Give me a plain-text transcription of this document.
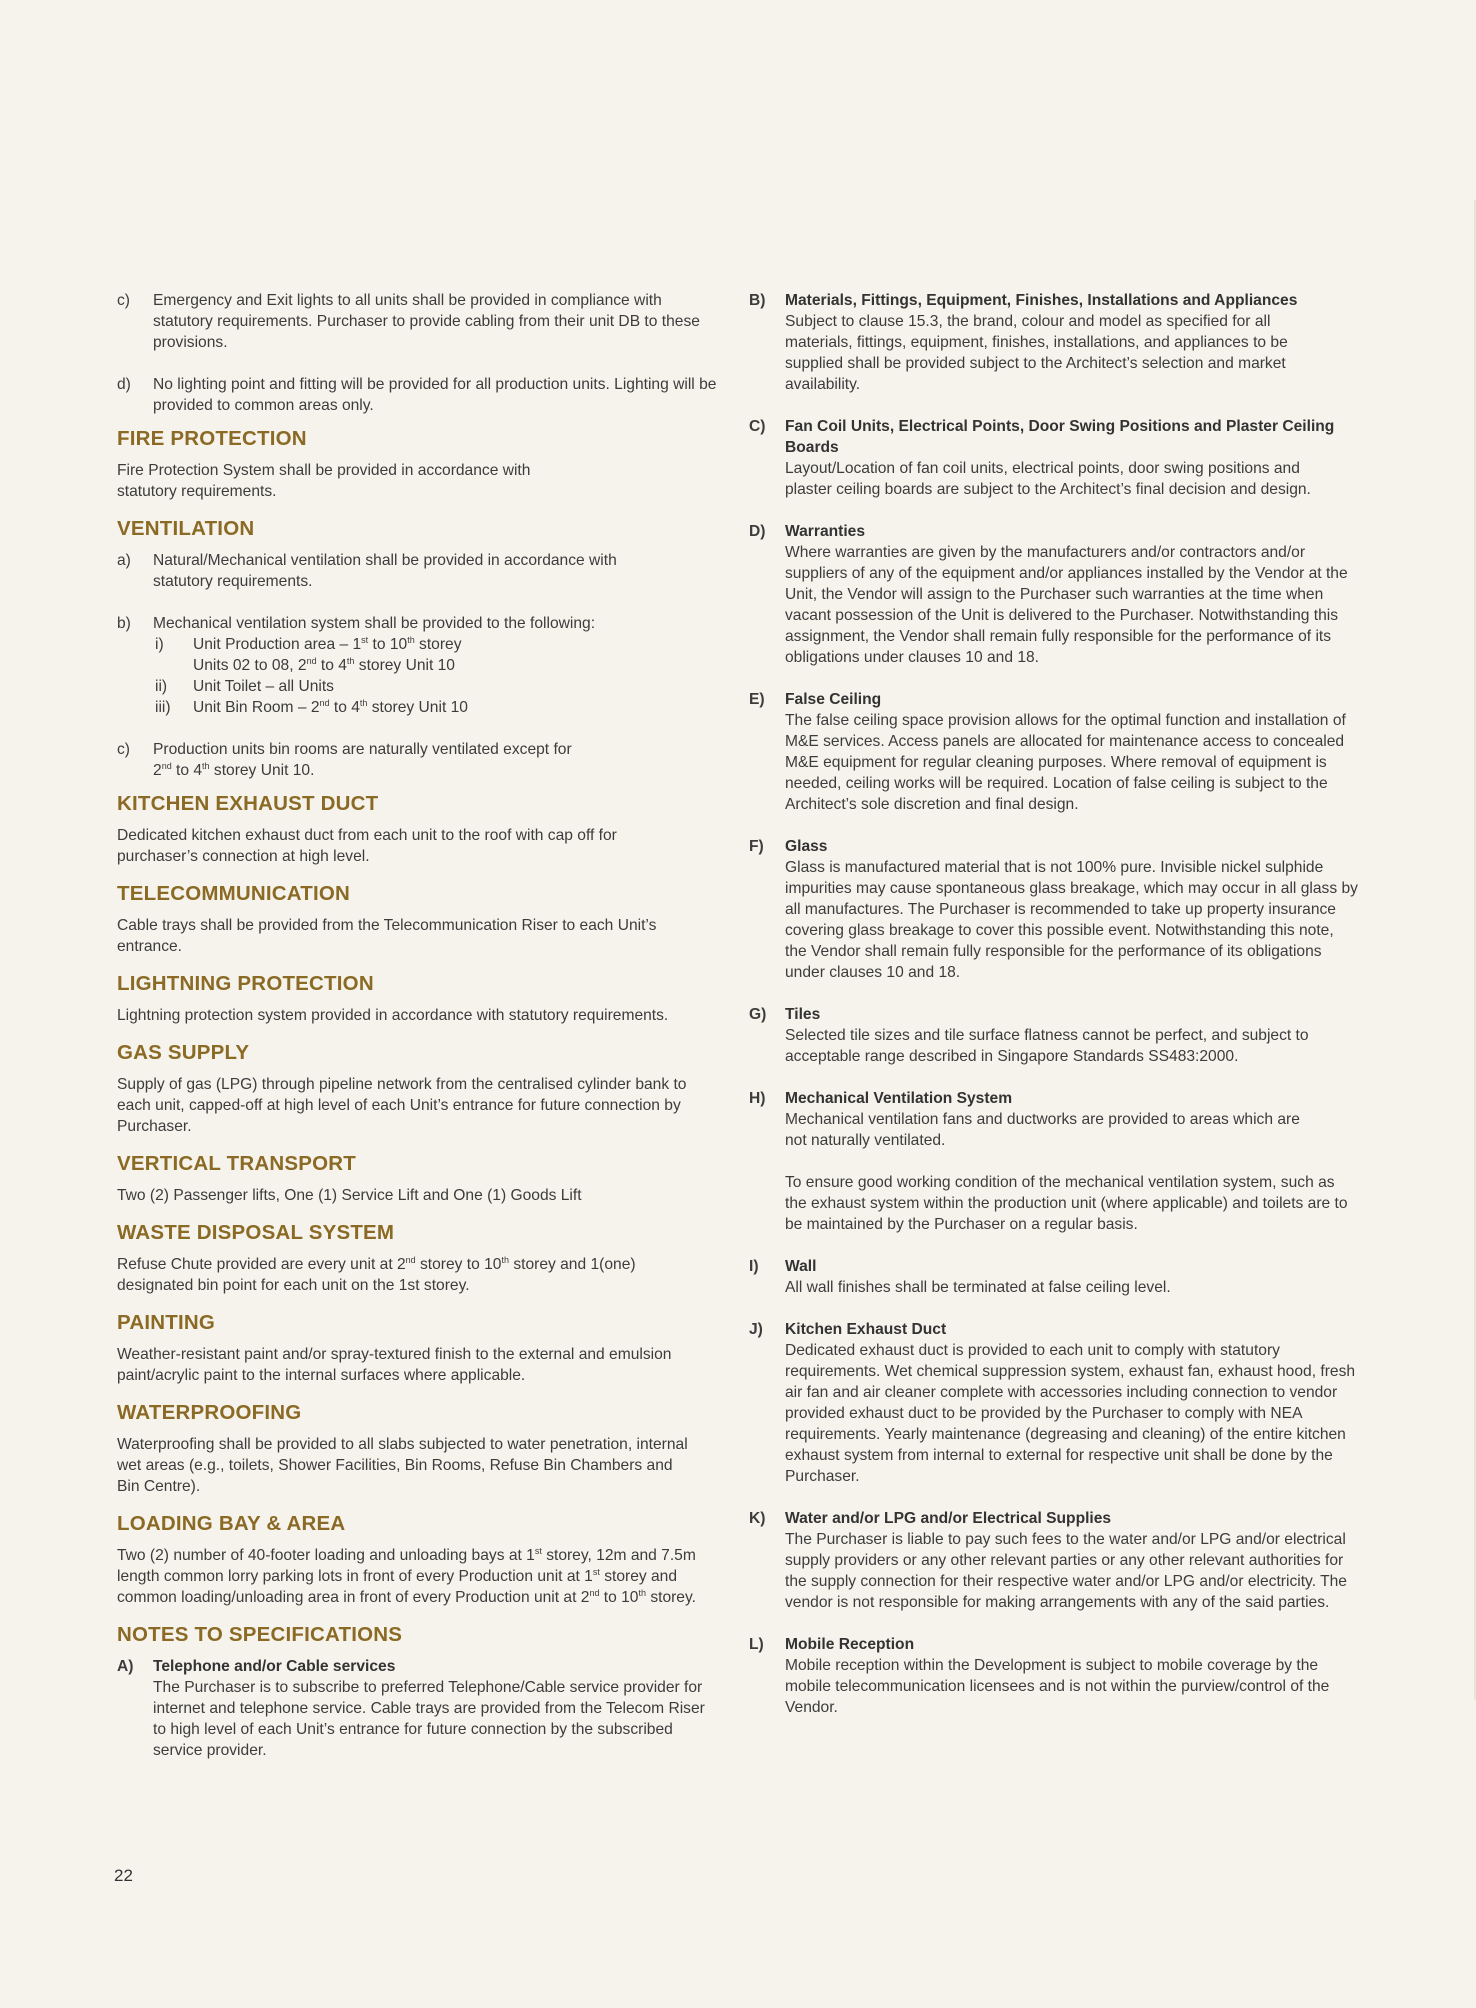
c) Emergency and Exit lights to all units shall be provided in compliance with statutory requirements. Purchaser to provide cabling from their unit DB to these provisions.
d) No lighting point and fitting will be provided for all production units. Lighting will be provided to common areas only.
FIRE PROTECTION

Fire Protection System shall be provided in accordance with statutory requirements.

VENTILATION
a) Natural/Mechanical ventilation shall be provided in accordance with statutory requirements.
b) Mechanical ventilation system shall be provided to the following:
i) Unit Production area – 1st to 10th storey
Units 02 to 08, 2nd to 4th storey Unit 10
ii) Unit Toilet – all Units
iii) Unit Bin Room – 2nd to 4th storey Unit 10
c) Production units bin rooms are naturally ventilated except for
2nd to 4th storey Unit 10.
KITCHEN EXHAUST DUCT

Dedicated kitchen exhaust duct from each unit to the roof with cap off for purchaser’s connection at high level.

TELECOMMUNICATION

Cable trays shall be provided from the Telecommunication Riser to each Unit’s entrance.

LIGHTNING PROTECTION

Lightning protection system provided in accordance with statutory requirements.

GAS SUPPLY

Supply of gas (LPG) through pipeline network from the centralised cylinder bank to each unit, capped-off at high level of each Unit’s entrance for future connection by Purchaser.

VERTICAL TRANSPORT

Two (2) Passenger lifts, One (1) Service Lift and One (1) Goods Lift

WASTE DISPOSAL SYSTEM

Refuse Chute provided are every unit at 2nd storey to 10th storey and 1(one) designated bin point for each unit on the 1st storey.

PAINTING

Weather-resistant paint and/or spray-textured finish to the external and emulsion paint/acrylic paint to the internal surfaces where applicable.

WATERPROOFING

Waterproofing shall be provided to all slabs subjected to water penetration, internal wet areas (e.g., toilets, Shower Facilities, Bin Rooms, Refuse Bin Chambers and Bin Centre).

LOADING BAY & AREA

Two (2) number of 40-footer loading and unloading bays at 1st storey, 12m and 7.5m length common lorry parking lots in front of every Production unit at 1st storey and common loading/unloading area in front of every Production unit at 2nd to 10th storey.

NOTES TO SPECIFICATIONS
A) Telephone and/or Cable services
The Purchaser is to subscribe to preferred Telephone/Cable service provider for internet and telephone service. Cable trays are provided from the Telecom Riser to high level of each Unit’s entrance for future connection by the subscribed service provider.
B) Materials, Fittings, Equipment, Finishes, Installations and Appliances
Subject to clause 15.3, the brand, colour and model as specified for all materials, fittings, equipment, finishes, installations, and appliances to be supplied shall be provided subject to the Architect’s selection and market availability.
C) Fan Coil Units, Electrical Points, Door Swing Positions and Plaster Ceiling Boards
Layout/Location of fan coil units, electrical points, door swing positions and plaster ceiling boards are subject to the Architect’s final decision and design.
D) Warranties
Where warranties are given by the manufacturers and/or contractors and/or suppliers of any of the equipment and/or appliances installed by the Vendor at the Unit, the Vendor will assign to the Purchaser such warranties at the time when vacant possession of the Unit is delivered to the Purchaser. Notwithstanding this assignment, the Vendor shall remain fully responsible for the performance of its obligations under clauses 10 and 18.
E) False Ceiling
The false ceiling space provision allows for the optimal function and installation of M&E services. Access panels are allocated for maintenance access to concealed M&E equipment for regular cleaning purposes. Where removal of equipment is needed, ceiling works will be required. Location of false ceiling is subject to the Architect’s sole discretion and final design.
F) Glass
Glass is manufactured material that is not 100% pure. Invisible nickel sulphide impurities may cause spontaneous glass breakage, which may occur in all glass by all manufactures. The Purchaser is recommended to take up property insurance covering glass breakage to cover this possible event. Notwithstanding this note, the Vendor shall remain fully responsible for the performance of its obligations under clauses 10 and 18.
G) Tiles
Selected tile sizes and tile surface flatness cannot be perfect, and subject to acceptable range described in Singapore Standards SS483:2000.
H) Mechanical Ventilation System
Mechanical ventilation fans and ductworks are provided to areas which are not naturally ventilated.
To ensure good working condition of the mechanical ventilation system, such as the exhaust system within the production unit (where applicable) and toilets are to be maintained by the Purchaser on a regular basis.
I) Wall
All wall finishes shall be terminated at false ceiling level.
J) Kitchen Exhaust Duct
Dedicated exhaust duct is provided to each unit to comply with statutory requirements. Wet chemical suppression system, exhaust fan, exhaust hood, fresh air fan and air cleaner complete with accessories including connection to vendor provided exhaust duct to be provided by the Purchaser to comply with NEA requirements. Yearly maintenance (degreasing and cleaning) of the entire kitchen exhaust system from internal to external for respective unit shall be done by the Purchaser.
K) Water and/or LPG and/or Electrical Supplies
The Purchaser is liable to pay such fees to the water and/or LPG and/or electrical supply providers or any other relevant parties or any other relevant authorities for the supply connection for their respective water and/or LPG and/or electricity. The vendor is not responsible for making arrangements with any of the said parties.
L) Mobile Reception
Mobile reception within the Development is subject to mobile coverage by the mobile telecommunication licensees and is not within the purview/control of the Vendor.
22
